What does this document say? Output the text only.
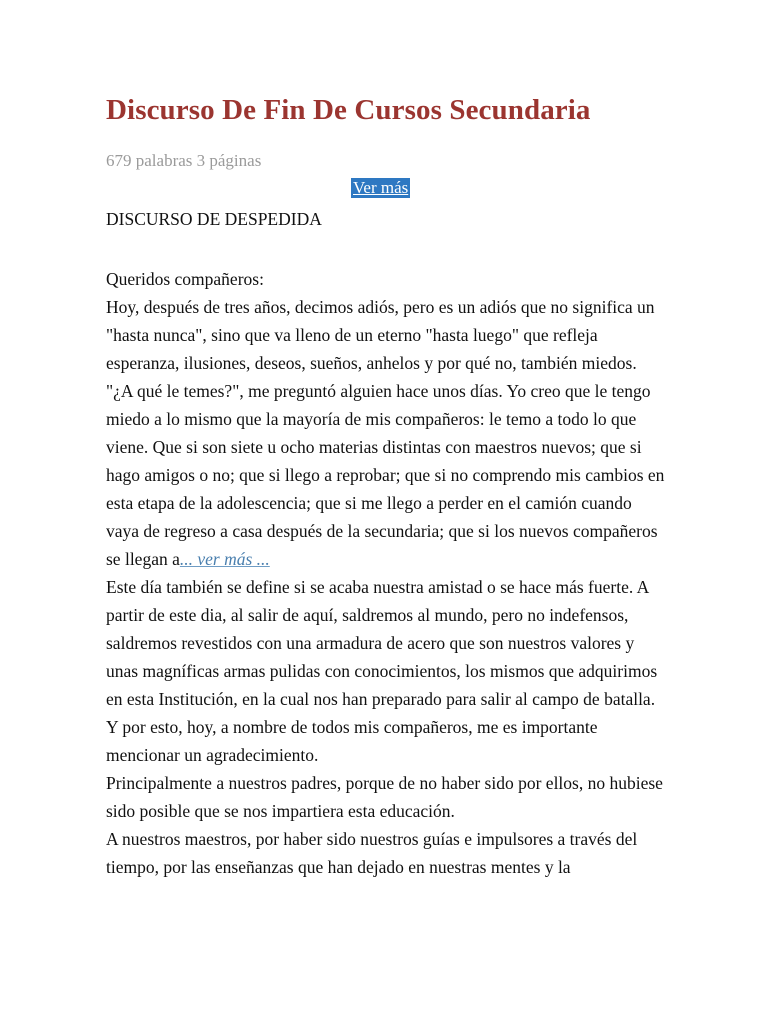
Discurso De Fin De Cursos Secundaria
679 palabras 3 páginas
Ver más
DISCURSO DE DESPEDIDA

Queridos compañeros:

Hoy, después de tres años, decimos adiós, pero es un adiós que no significa un "hasta nunca", sino que va lleno de un eterno "hasta luego" que refleja esperanza, ilusiones, deseos, sueños, anhelos y por qué no, también miedos.

"¿A qué le temes?", me preguntó alguien hace unos días. Yo creo que le tengo miedo a lo mismo que la mayoría de mis compañeros: le temo a todo lo que viene. Que si son siete u ocho materias distintas con maestros nuevos; que si hago amigos o no; que si llego a reprobar; que si no comprendo mis cambios en esta etapa de la adolescencia; que si me llego a perder en el camión cuando vaya de regreso a casa después de la secundaria; que si los nuevos compañeros se llegan a... ver más ...

Este día también se define si se acaba nuestra amistad o se hace más fuerte. A partir de este dia, al salir de aquí, saldremos al mundo, pero no indefensos, saldremos revestidos con una armadura de acero que son nuestros valores y unas magníficas armas pulidas con conocimientos, los mismos que adquirimos en esta Institución, en la cual nos han preparado para salir al campo de batalla.

Y por esto, hoy, a nombre de todos mis compañeros, me es importante mencionar un agradecimiento.

Principalmente a nuestros padres, porque de no haber sido por ellos, no hubiese sido posible que se nos impartiera esta educación.

A nuestros maestros, por haber sido nuestros guías e impulsores a través del tiempo, por las enseñanzas que han dejado en nuestras mentes y la
